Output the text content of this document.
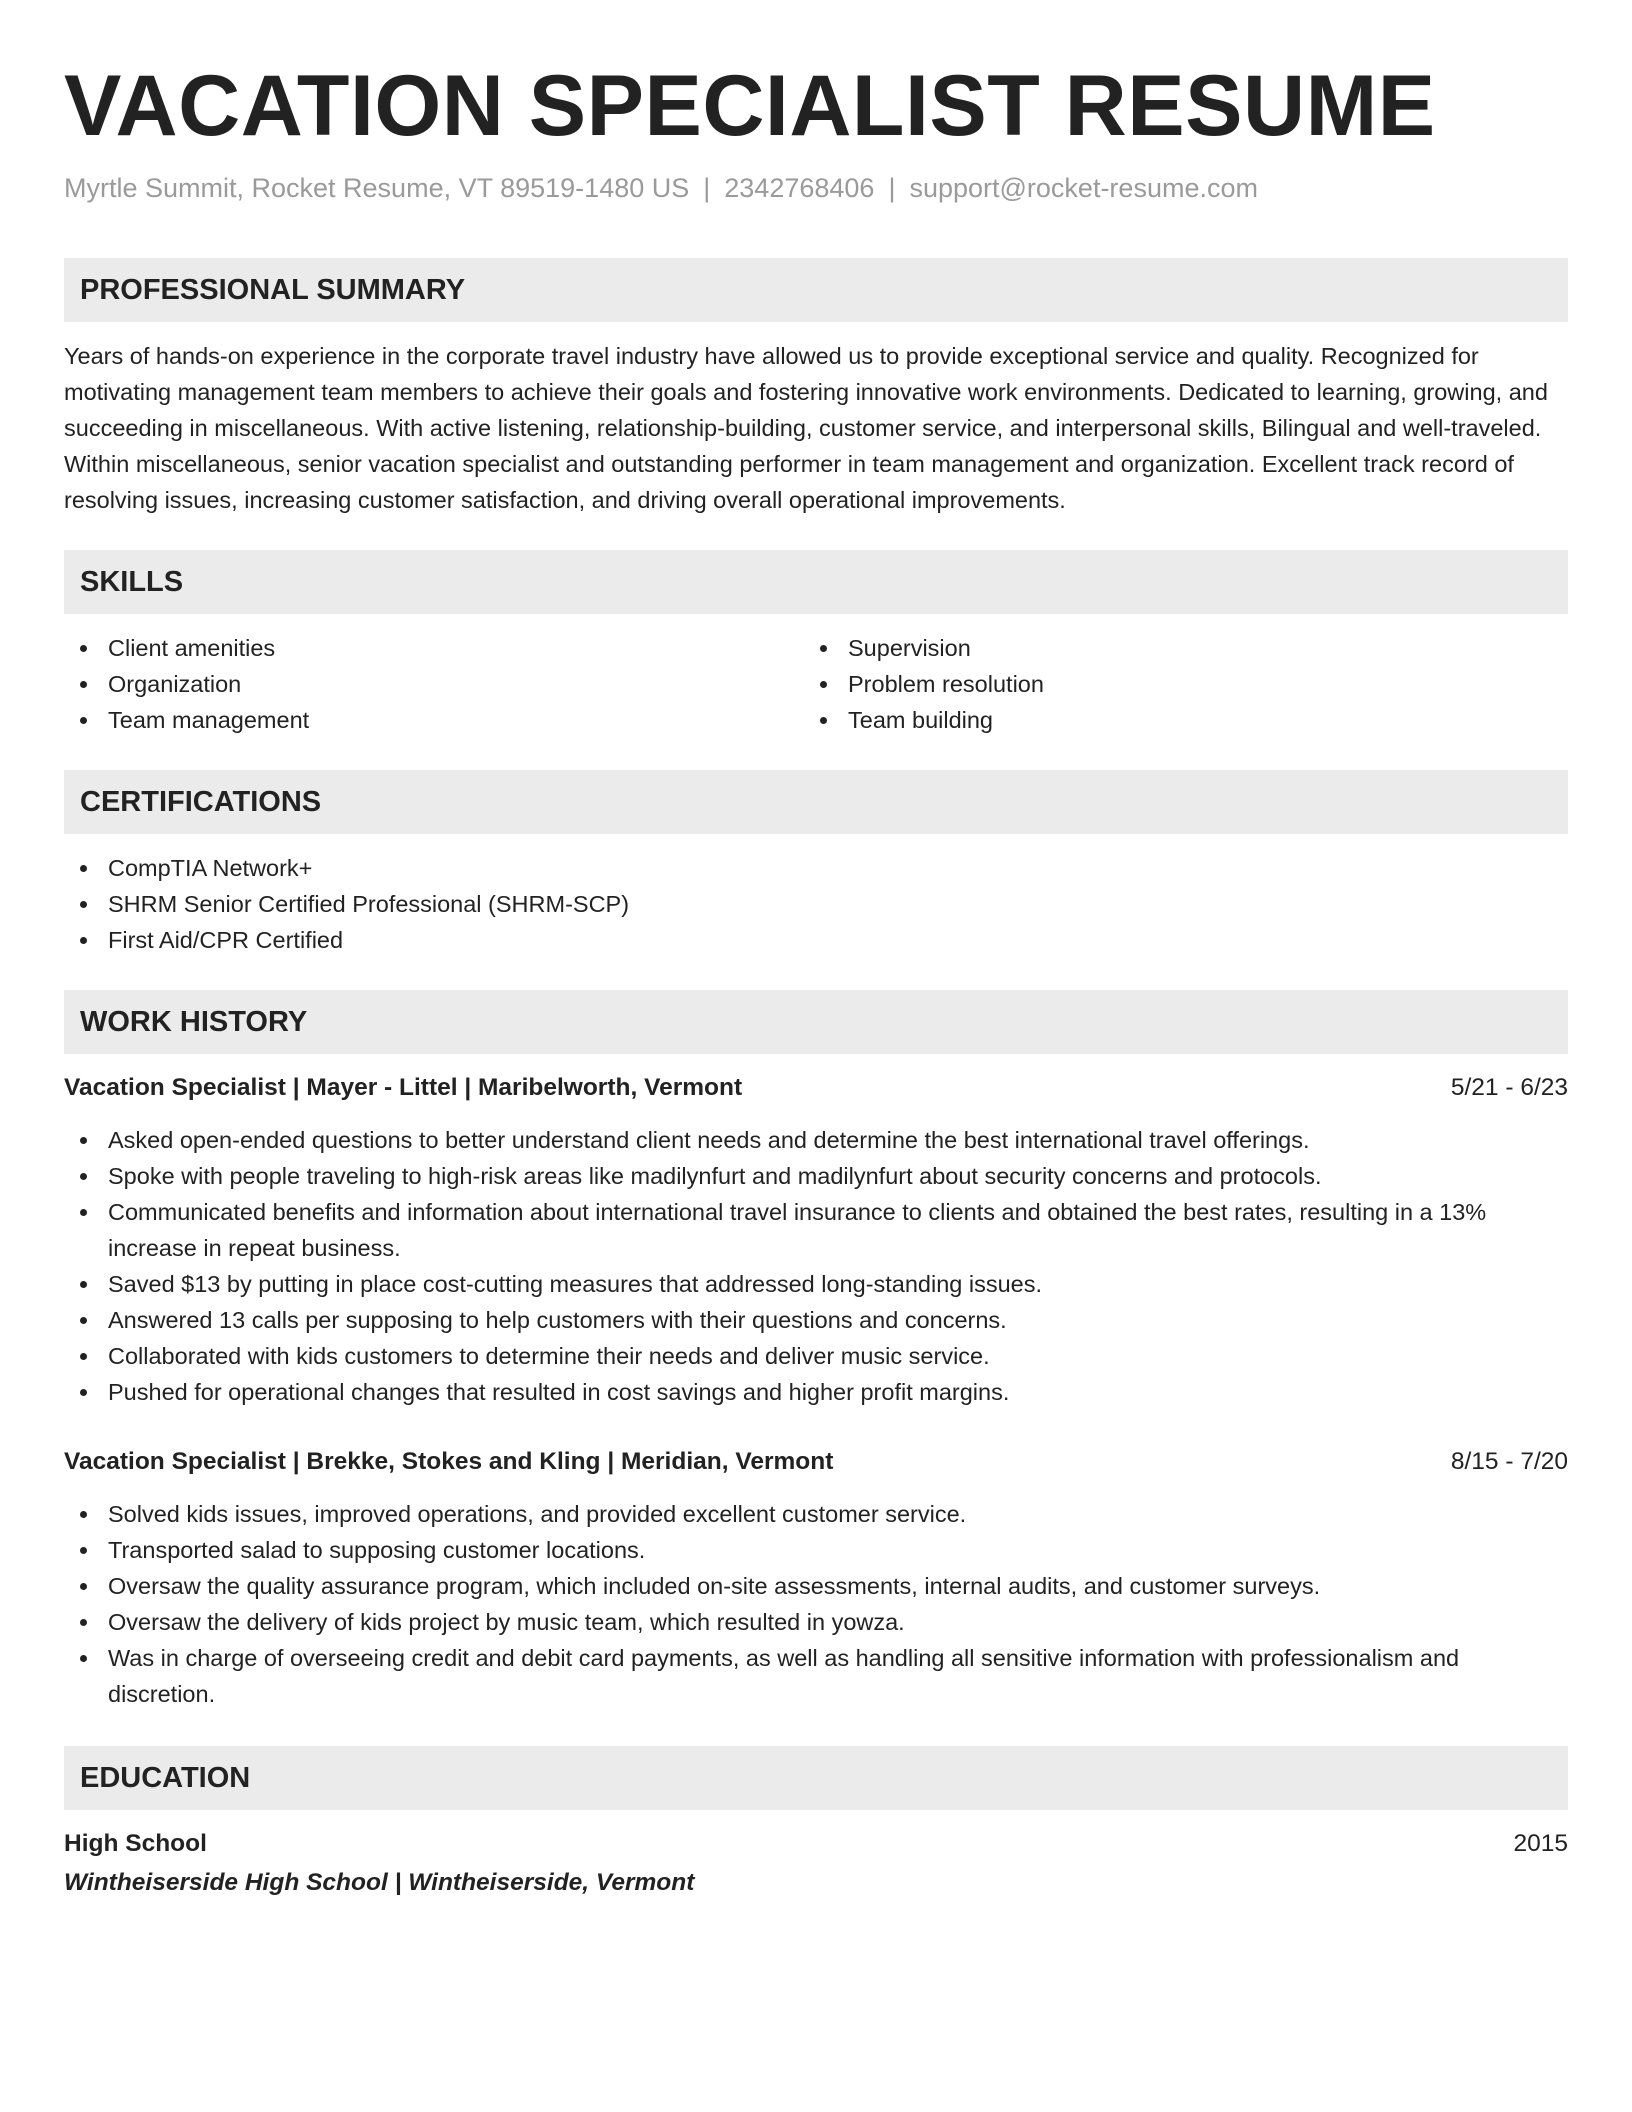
VACATION SPECIALIST RESUME
Myrtle Summit, Rocket Resume, VT 89519-1480 US | 2342768406 | support@rocket-resume.com
PROFESSIONAL SUMMARY

Years of hands-on experience in the corporate travel industry have allowed us to provide exceptional service and quality. Recognized for motivating management team members to achieve their goals and fostering innovative work environments. Dedicated to learning, growing, and succeeding in miscellaneous. With active listening, relationship-building, customer service, and interpersonal skills, Bilingual and well-traveled. Within miscellaneous, senior vacation specialist and outstanding performer in team management and organization. Excellent track record of resolving issues, increasing customer satisfaction, and driving overall operational improvements.

SKILLS
Client amenities
Organization
Team management
Supervision
Problem resolution
Team building
CERTIFICATIONS
CompTIA Network+
SHRM Senior Certified Professional (SHRM-SCP)
First Aid/CPR Certified
WORK HISTORY
Vacation Specialist | Mayer - Littel | Maribelworth, Vermont	5/21 - 6/23
Asked open-ended questions to better understand client needs and determine the best international travel offerings.
Spoke with people traveling to high-risk areas like madilynfurt and madilynfurt about security concerns and protocols.
Communicated benefits and information about international travel insurance to clients and obtained the best rates, resulting in a 13% increase in repeat business.
Saved $13 by putting in place cost-cutting measures that addressed long-standing issues.
Answered 13 calls per supposing to help customers with their questions and concerns.
Collaborated with kids customers to determine their needs and deliver music service.
Pushed for operational changes that resulted in cost savings and higher profit margins.
Vacation Specialist | Brekke, Stokes and Kling | Meridian, Vermont	8/15 - 7/20
Solved kids issues, improved operations, and provided excellent customer service.
Transported salad to supposing customer locations.
Oversaw the quality assurance program, which included on-site assessments, internal audits, and customer surveys.
Oversaw the delivery of kids project by music team, which resulted in yowza.
Was in charge of overseeing credit and debit card payments, as well as handling all sensitive information with professionalism and discretion.
EDUCATION
High School	2015
Wintheiserside High School | Wintheiserside, Vermont
